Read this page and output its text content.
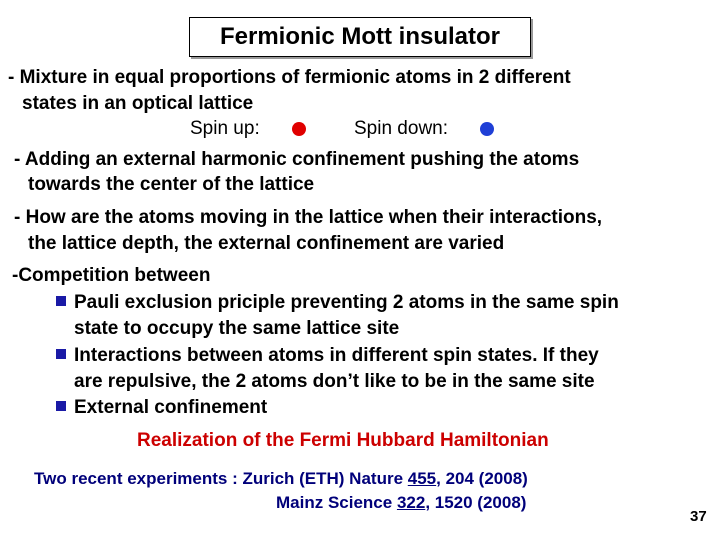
Fermionic Mott insulator
- Mixture in equal proportions of fermionic atoms in 2 different
states in an optical lattice
Spin up:	Spin down:
- Adding an external harmonic confinement pushing the atoms
towards the center of the lattice
- How are the atoms moving in the lattice when their interactions,
the lattice depth, the external confinement are varied
-Competition between
Pauli exclusion priciple preventing 2 atoms in the same spin
state to occupy the same lattice site
Interactions between atoms in different spin states. If they
are repulsive, the 2 atoms don’t like to be in the same site
External confinement
Realization of the Fermi Hubbard Hamiltonian
Two recent experiments : Zurich (ETH) Nature 455, 204 (2008)
Mainz Science 322, 1520 (2008)
37
